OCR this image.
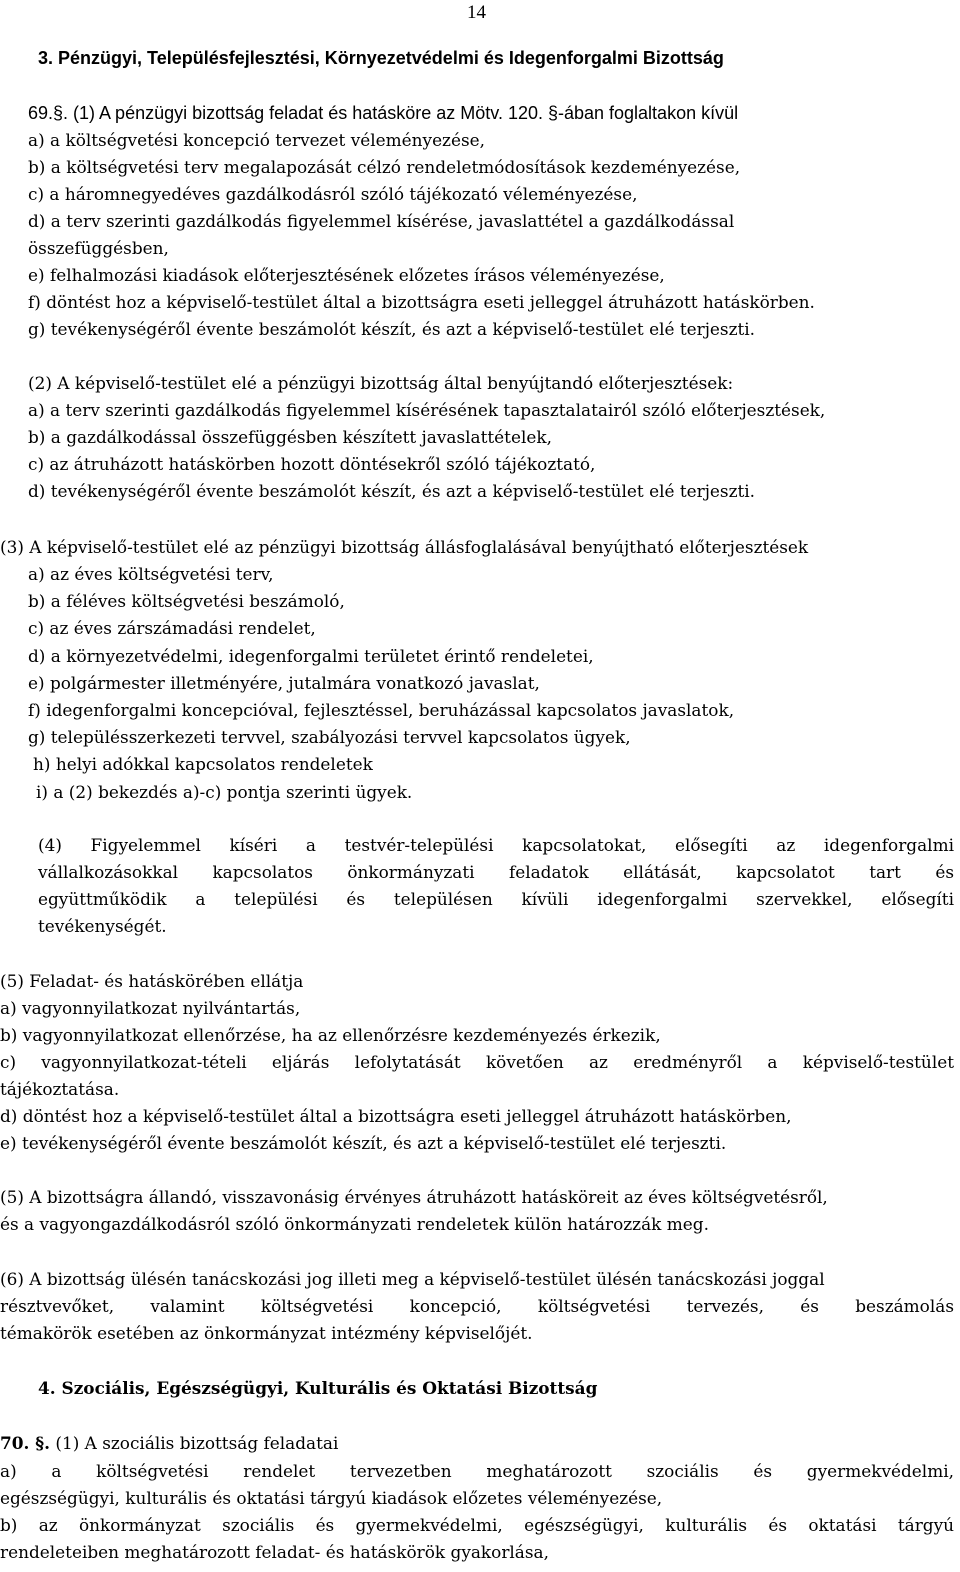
14
3. Pénzügyi, Településfejlesztési, Környezetvédelmi és Idegenforgalmi Bizottság
69.§. (1) A pénzügyi bizottság feladat és hatásköre az Mötv. 120. §-ában foglaltakon kívül
a) a költségvetési koncepció tervezet véleményezése,
b) a költségvetési terv megalapozását célzó rendeletmódosítások kezdeményezése,
c) a háromnegyedéves gazdálkodásról szóló tájékozató véleményezése,
d) a terv szerinti gazdálkodás figyelemmel kísérése, javaslattétel a gazdálkodással
összefüggésben,
e) felhalmozási kiadások előterjesztésének előzetes írásos véleményezése,
f) döntést hoz a képviselő-testület által a bizottságra eseti jelleggel átruházott hatáskörben.
g) tevékenységéről évente beszámolót készít, és azt a képviselő-testület elé terjeszti.
(2) A képviselő-testület elé a pénzügyi bizottság által benyújtandó előterjesztések:
a) a terv szerinti gazdálkodás figyelemmel kísérésének tapasztalatairól szóló előterjesztések,
b) a gazdálkodással összefüggésben készített javaslattételek,
c) az átruházott hatáskörben hozott döntésekről szóló tájékoztató,
d) tevékenységéről évente beszámolót készít, és azt a képviselő-testület elé terjeszti.
(3) A képviselő-testület elé az pénzügyi bizottság állásfoglalásával benyújtható előterjesztések
a) az éves költségvetési terv,
b) a féléves költségvetési beszámoló,
c) az éves zárszámadási rendelet,
d) a környezetvédelmi, idegenforgalmi területet érintő rendeletei,
e) polgármester illetményére, jutalmára vonatkozó javaslat,
f) idegenforgalmi koncepcióval, fejlesztéssel, beruházással kapcsolatos javaslatok,
g) településszerkezeti tervvel, szabályozási tervvel kapcsolatos ügyek,
h) helyi adókkal kapcsolatos rendeletek
i) a (2) bekezdés a)-c) pontja szerinti ügyek.
(4) Figyelemmel kíséri a testvér-települési kapcsolatokat, elősegíti az idegenforgalmi
vállalkozásokkal kapcsolatos önkormányzati feladatok ellátását, kapcsolatot tart és
együttműködik a települési és településen kívüli idegenforgalmi szervekkel, elősegíti
tevékenységét.
(5) Feladat- és hatáskörében ellátja
a) vagyonnyilatkozat nyilvántartás,
b) vagyonnyilatkozat ellenőrzése, ha az ellenőrzésre kezdeményezés érkezik,
c) vagyonnyilatkozat-tételi eljárás lefolytatását követően az eredményről a képviselő-testület
tájékoztatása.
d) döntést hoz a képviselő-testület által a bizottságra eseti jelleggel átruházott hatáskörben,
e) tevékenységéről évente beszámolót készít, és azt a képviselő-testület elé terjeszti.
(5) A bizottságra állandó, visszavonásig érvényes átruházott hatásköreit az éves költségvetésről,
és a vagyongazdálkodásról szóló önkormányzati rendeletek külön határozzák meg.
(6) A bizottság ülésén tanácskozási jog illeti meg a képviselő-testület ülésén tanácskozási joggal
résztvevőket, valamint költségvetési koncepció, költségvetési tervezés, és beszámolás
témakörök esetében az önkormányzat intézmény képviselőjét.
4. Szociális, Egészségügyi, Kulturális és Oktatási Bizottság
70. §. (1) A szociális bizottság feladatai
a) a költségvetési rendelet tervezetben meghatározott szociális és gyermekvédelmi,
egészségügyi, kulturális és oktatási tárgyú kiadások előzetes véleményezése,
b) az önkormányzat szociális és gyermekvédelmi, egészségügyi, kulturális és oktatási tárgyú
rendeleteiben meghatározott feladat- és hatáskörök gyakorlása,
